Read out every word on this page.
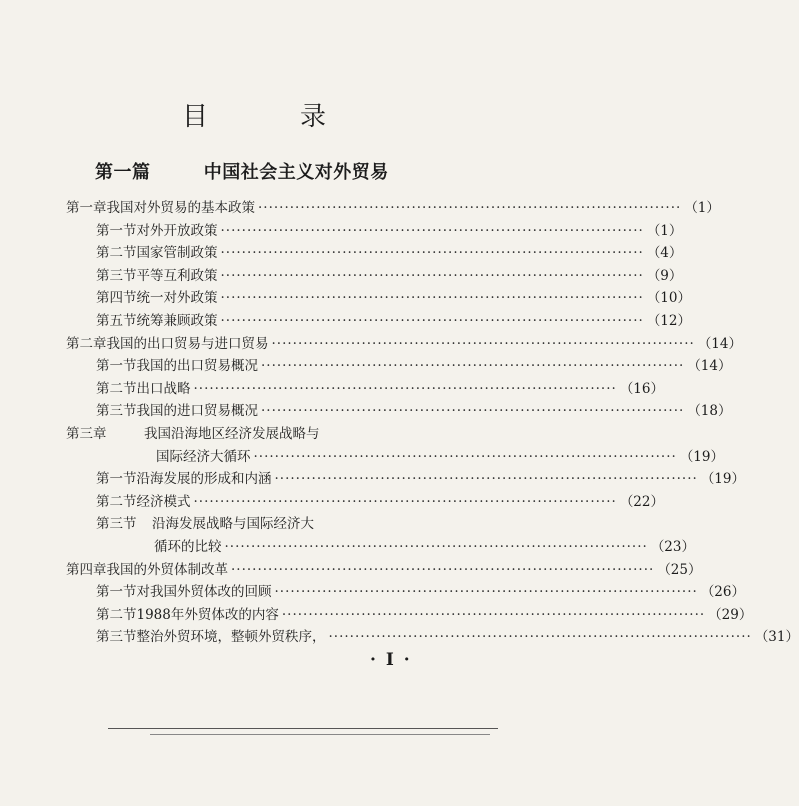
目	录
第一篇	中国社会主义对外贸易
第一章 我国对外贸易的基本政策 ················································································ （1）
第一节 对外开放政策 ················································································ （1）
第二节 国家管制政策 ················································································ （4）
第三节 平等互利政策 ················································································ （9）
第四节 统一对外政策 ················································································ （10）
第五节 统筹兼顾政策 ················································································ （12）
第二章 我国的出口贸易与进口贸易 ················································································ （14）
第一节 我国的出口贸易概况 ················································································ （14）
第二节 出口战略 ················································································ （16）
第三节 我国的进口贸易概况 ················································································ （18）
第三章	我国沿海地区经济发展战略与
国际经济大循环 ················································································ （19）
第一节 沿海发展的形成和内涵 ················································································ （19）
第二节 经济模式 ················································································ （22）
第三节	沿海发展战略与国际经济大
循环的比较 ················································································ （23）
第四章 我国的外贸体制改革 ················································································ （25）
第一节 对我国外贸体改的回顾 ················································································ （26）
第二节 1988年外贸体改的内容 ················································································ （29）
第三节 整治外贸环境，整顿外贸秩序， ················································································ （31）
· I ·
